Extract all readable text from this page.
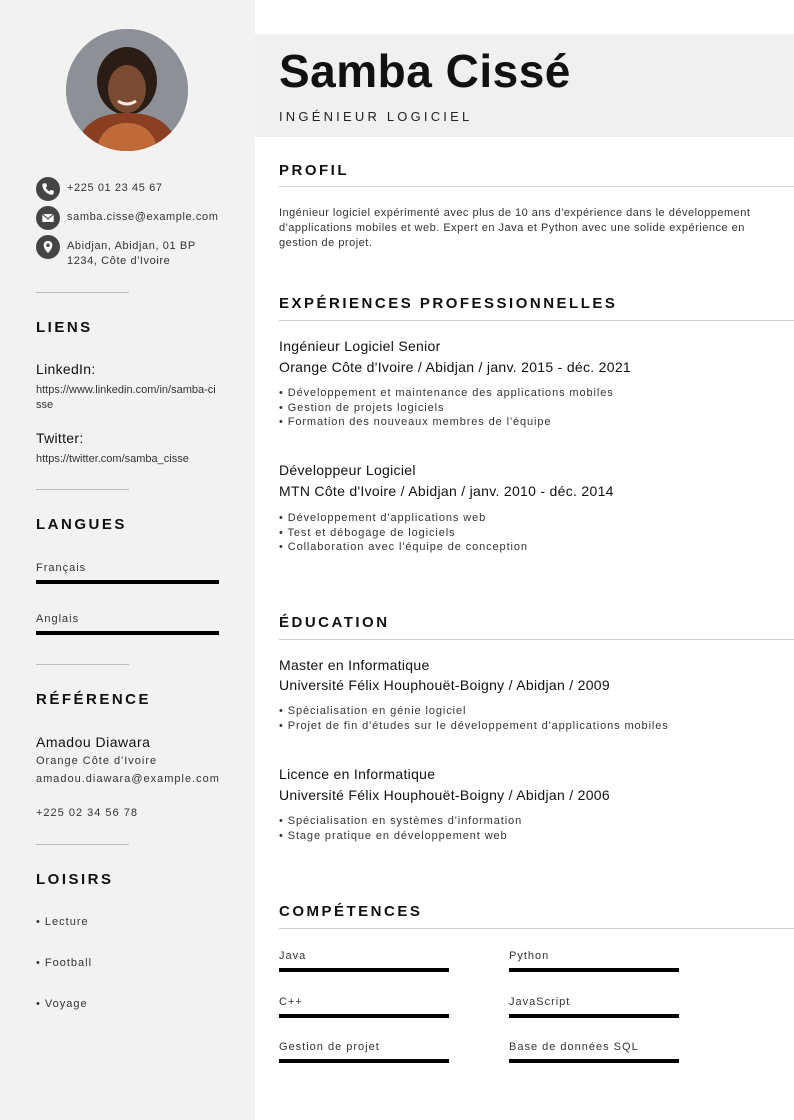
+225 01 23 45 67
samba.cisse@example.com
Abidjan, Abidjan, 01 BP 1234, Côte d'Ivoire
LIENS
LinkedIn:
https://www.linkedin.com/in/samba-cisse
Twitter:
https://twitter.com/samba_cisse
LANGUES
Français
Anglais
RÉFÉRENCE
Amadou Diawara
Orange Côte d'Ivoire
amadou.diawara@example.com
+225 02 34 56 78
LOISIRS
• Lecture
• Football
• Voyage
Samba Cissé
INGÉNIEUR LOGICIEL
PROFIL
Ingénieur logiciel expérimenté avec plus de 10 ans d'expérience dans le développement d'applications mobiles et web. Expert en Java et Python avec une solide expérience en gestion de projet.
EXPÉRIENCES PROFESSIONNELLES
Ingénieur Logiciel Senior
Orange Côte d'Ivoire / Abidjan / janv. 2015 - déc. 2021
• Développement et maintenance des applications mobiles
• Gestion de projets logiciels
• Formation des nouveaux membres de l'équipe
Développeur Logiciel
MTN Côte d'Ivoire / Abidjan / janv. 2010 - déc. 2014
• Développement d'applications web
• Test et débogage de logiciels
• Collaboration avec l'équipe de conception
ÉDUCATION
Master en Informatique
Université Félix Houphouët-Boigny / Abidjan / 2009
• Spécialisation en génie logiciel
• Projet de fin d'études sur le développement d'applications mobiles
Licence en Informatique
Université Félix Houphouët-Boigny / Abidjan / 2006
• Spécialisation en systèmes d'information
• Stage pratique en développement web
COMPÉTENCES
Java	Python
C++	JavaScript
Gestion de projet	Base de données SQL
